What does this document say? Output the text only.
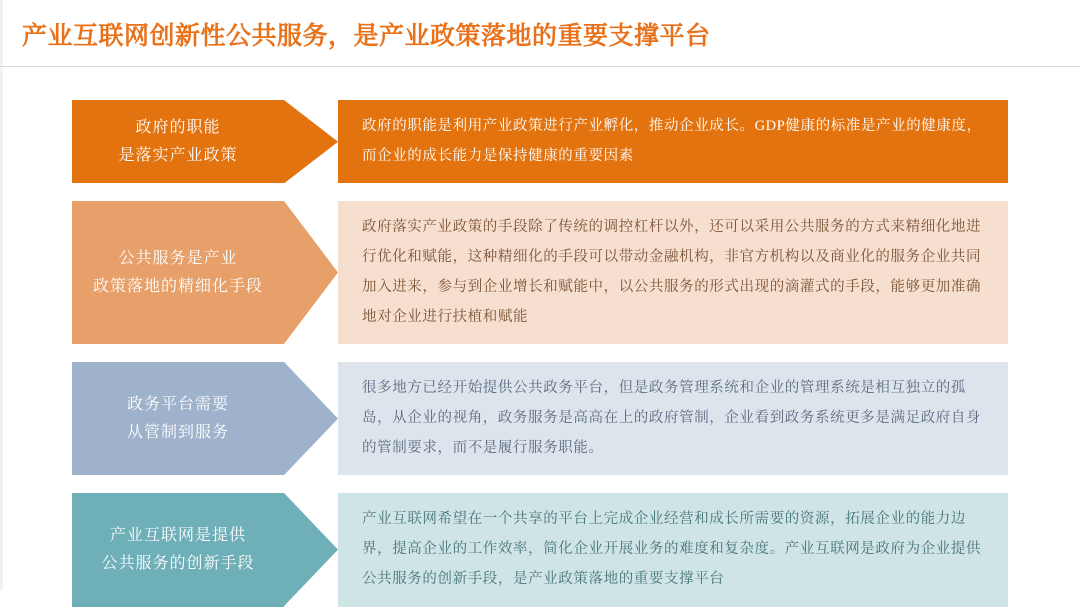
产业互联网创新性公共服务，是产业政策落地的重要支撑平台
政府的职能
是落实产业政策

政府的职能是利用产业政策进行产业孵化，推动企业成长。GDP健康的标准是产业的健康度，而企业的成长能力是保持健康的重要因素

公共服务是产业
政策落地的精细化手段

政府落实产业政策的手段除了传统的调控杠杆以外，还可以采用公共服务的方式来精细化地进行优化和赋能，这种精细化的手段可以带动金融机构，非官方机构以及商业化的服务企业共同加入进来，参与到企业增长和赋能中，以公共服务的形式出现的滴灌式的手段，能够更加准确地对企业进行扶植和赋能

政务平台需要
从管制到服务

很多地方已经开始提供公共政务平台，但是政务管理系统和企业的管理系统是相互独立的孤岛，从企业的视角，政务服务是高高在上的政府管制，企业看到政务系统更多是满足政府自身的管制要求，而不是履行服务职能。

产业互联网是提供
公共服务的创新手段

产业互联网希望在一个共享的平台上完成企业经营和成长所需要的资源，拓展企业的能力边界，提高企业的工作效率，简化企业开展业务的难度和复杂度。产业互联网是政府为企业提供公共服务的创新手段，是产业政策落地的重要支撑平台
